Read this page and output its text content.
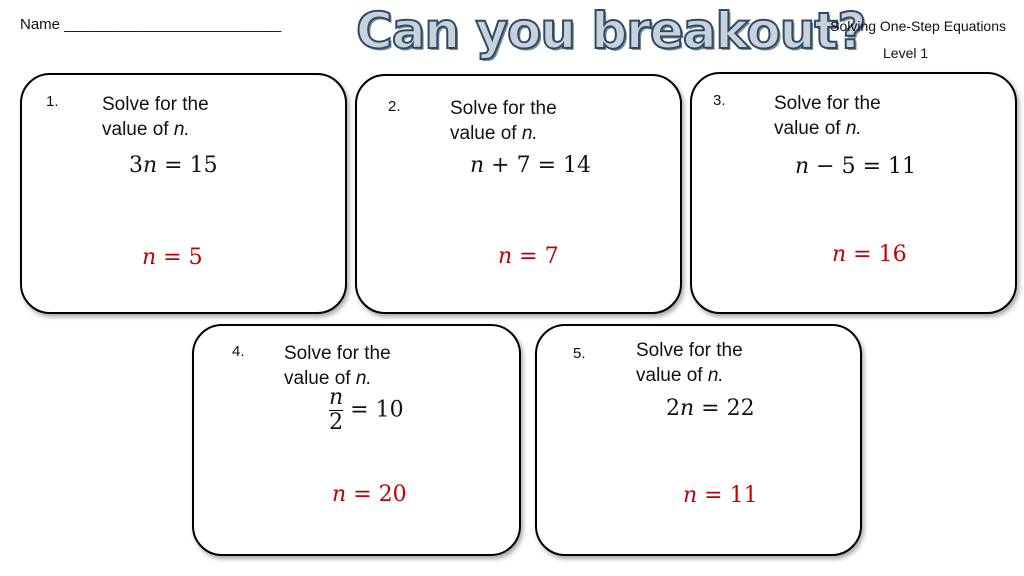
Name __________________________ Can you breakout?
Solving One-Step Equations
Level 1
1. Solve for the
value of n.
3𝑛 = 15
𝑛 = 5
2.	Solve for the
value of n.
𝑛 + 7 = 14
𝑛 = 7
3.	Solve for the
value of n.
𝑛 − 5 = 11
𝑛 = 16
4. Solve for the
value of n.
$\frac{\text{𝑛}}{2} = 10$
𝑛 = 20
5.	Solve for the
value of n.
2𝑛 = 22
𝑛 = 11
